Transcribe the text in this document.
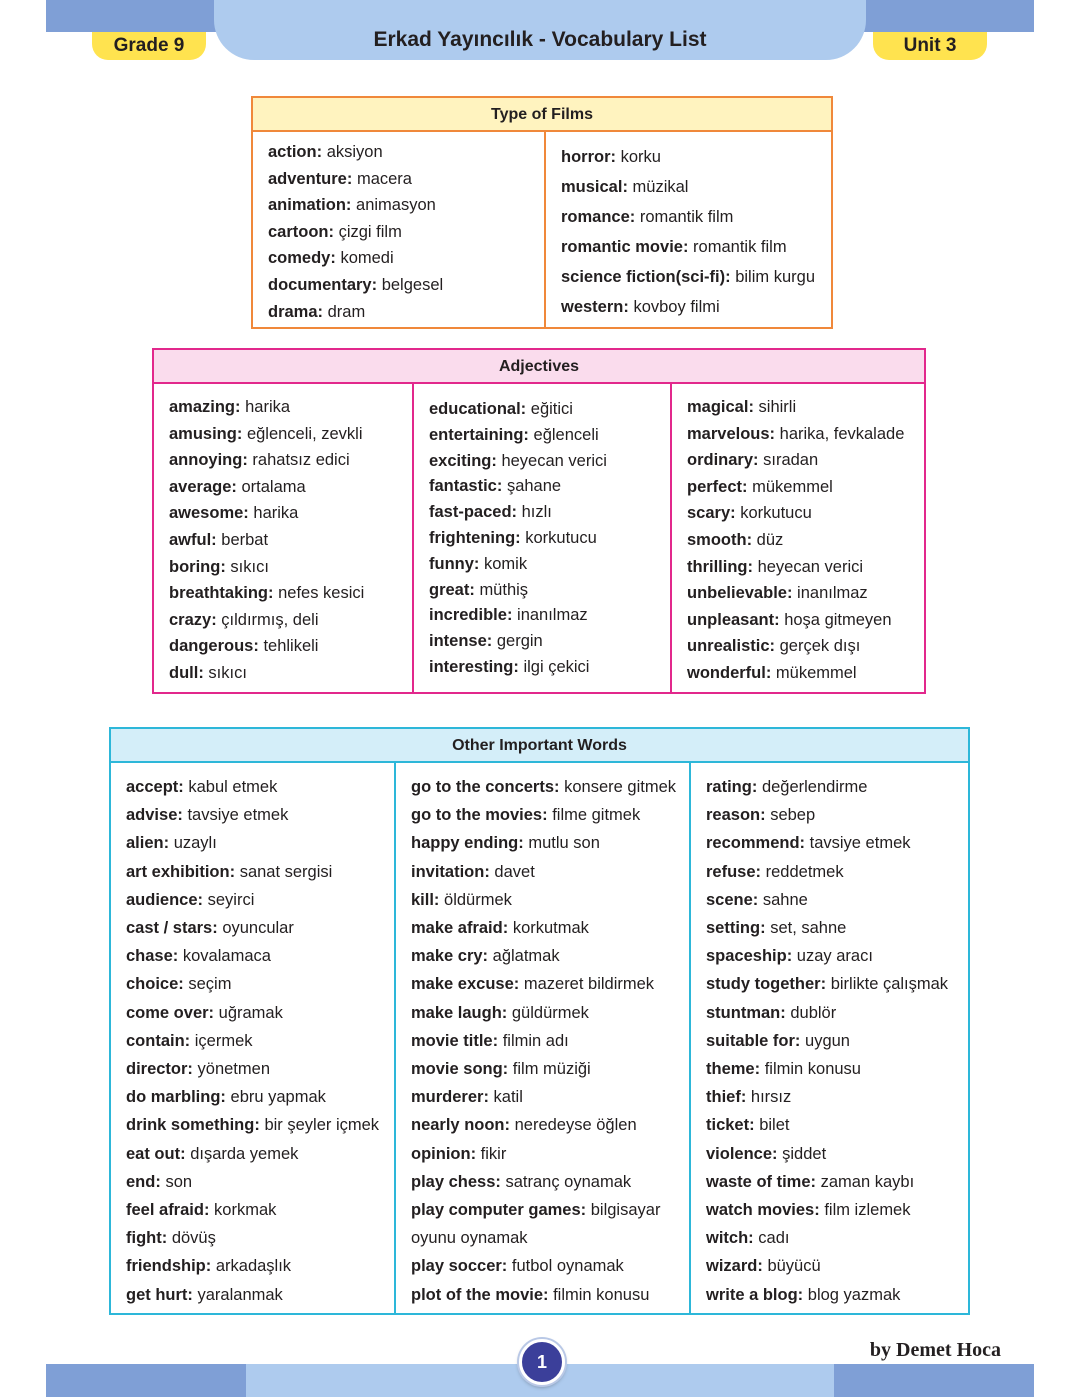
Erkad Yayıncılık - Vocabulary List
Grade 9	Unit 3
Type of Films
action: aksiyon
adventure: macera
animation: animasyon
cartoon: çizgi film
comedy: komedi
documentary: belgesel
drama: dram
horror: korku
musical: müzikal
romance: romantik film
romantic movie: romantik film
science fiction(sci-fi): bilim kurgu
western: kovboy filmi
Adjectives
amazing: harika
amusing: eğlenceli, zevkli
annoying: rahatsız edici
average: ortalama
awesome: harika
awful: berbat
boring: sıkıcı
breathtaking: nefes kesici
crazy: çıldırmış, deli
dangerous: tehlikeli
dull: sıkıcı
educational: eğitici
entertaining: eğlenceli
exciting: heyecan verici
fantastic: şahane
fast-paced: hızlı
frightening: korkutucu
funny: komik
great: müthiş
incredible: inanılmaz
intense: gergin
interesting: ilgi çekici
magical: sihirli
marvelous: harika, fevkalade
ordinary: sıradan
perfect: mükemmel
scary: korkutucu
smooth: düz
thrilling: heyecan verici
unbelievable: inanılmaz
unpleasant: hoşa gitmeyen
unrealistic: gerçek dışı
wonderful: mükemmel
Other Important Words
accept: kabul etmek
advise: tavsiye etmek
alien: uzaylı
art exhibition: sanat sergisi
audience: seyirci
cast / stars: oyuncular
chase: kovalamaca
choice: seçim
come over: uğramak
contain: içermek
director: yönetmen
do marbling: ebru yapmak
drink something: bir şeyler içmek
eat out: dışarda yemek
end: son
feel afraid: korkmak
fight: dövüş
friendship: arkadaşlık
get hurt: yaralanmak
go to the concerts: konsere gitmek
go to the movies: filme gitmek
happy ending: mutlu son
invitation: davet
kill: öldürmek
make afraid: korkutmak
make cry: ağlatmak
make excuse: mazeret bildirmek
make laugh: güldürmek
movie title: filmin adı
movie song: film müziği
murderer: katil
nearly noon: neredeyse öğlen
opinion: fikir
play chess: satranç oynamak
play computer games: bilgisayar
oyunu oynamak
play soccer: futbol oynamak
plot of the movie: filmin konusu
rating: değerlendirme
reason: sebep
recommend: tavsiye etmek
refuse: reddetmek
scene: sahne
setting: set, sahne
spaceship: uzay aracı
study together: birlikte çalışmak
stuntman: dublör
suitable for: uygun
theme: filmin konusu
thief: hırsız
ticket: bilet
violence: şiddet
waste of time: zaman kaybı
watch movies: film izlemek
witch: cadı
wizard: büyücü
write a blog: blog yazmak
1
by Demet Hoca
